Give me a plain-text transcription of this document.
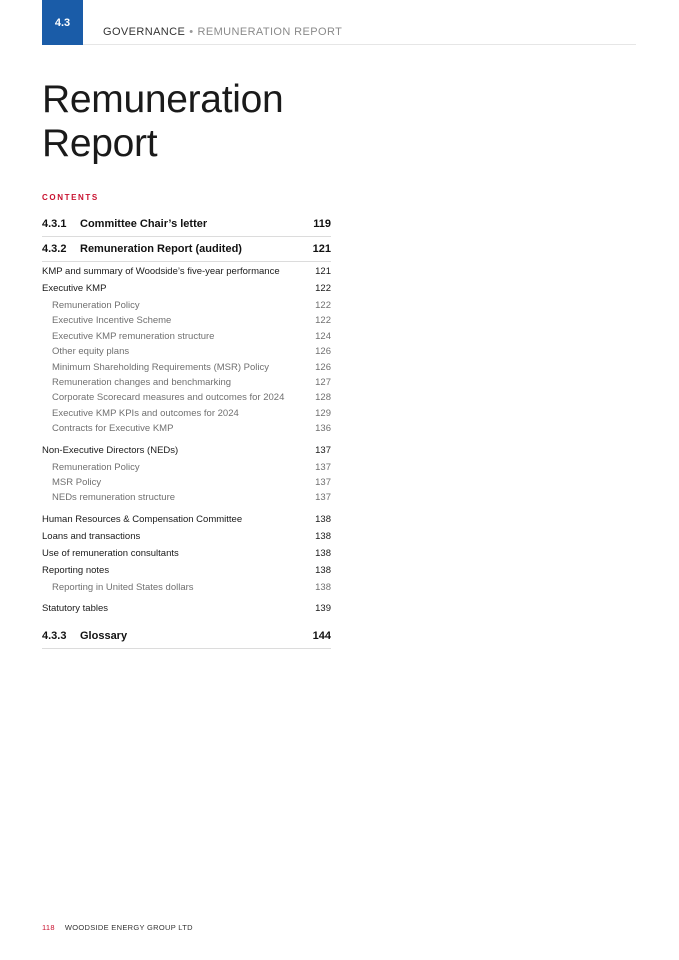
4.3
GOVERNANCE • REMUNERATION REPORT
Remuneration
Report
CONTENTS
4.3.1 Committee Chair’s letter	119
4.3.2 Remuneration Report (audited)	121
KMP and summary of Woodside’s five-year performance	121
Executive KMP	122
Remuneration Policy	122
Executive Incentive Scheme	122
Executive KMP remuneration structure	124
Other equity plans	126
Minimum Shareholding Requirements (MSR) Policy	126
Remuneration changes and benchmarking	127
Corporate Scorecard measures and outcomes for 2024	128
Executive KMP KPIs and outcomes for 2024	129
Contracts for Executive KMP	136
Non-Executive Directors (NEDs)	137
Remuneration Policy	137
MSR Policy	137
NEDs remuneration structure	137
Human Resources & Compensation Committee	138
Loans and transactions	138
Use of remuneration consultants	138
Reporting notes	138
Reporting in United States dollars	138
Statutory tables	139
4.3.3 Glossary	144
118 WOODSIDE ENERGY GROUP LTD
